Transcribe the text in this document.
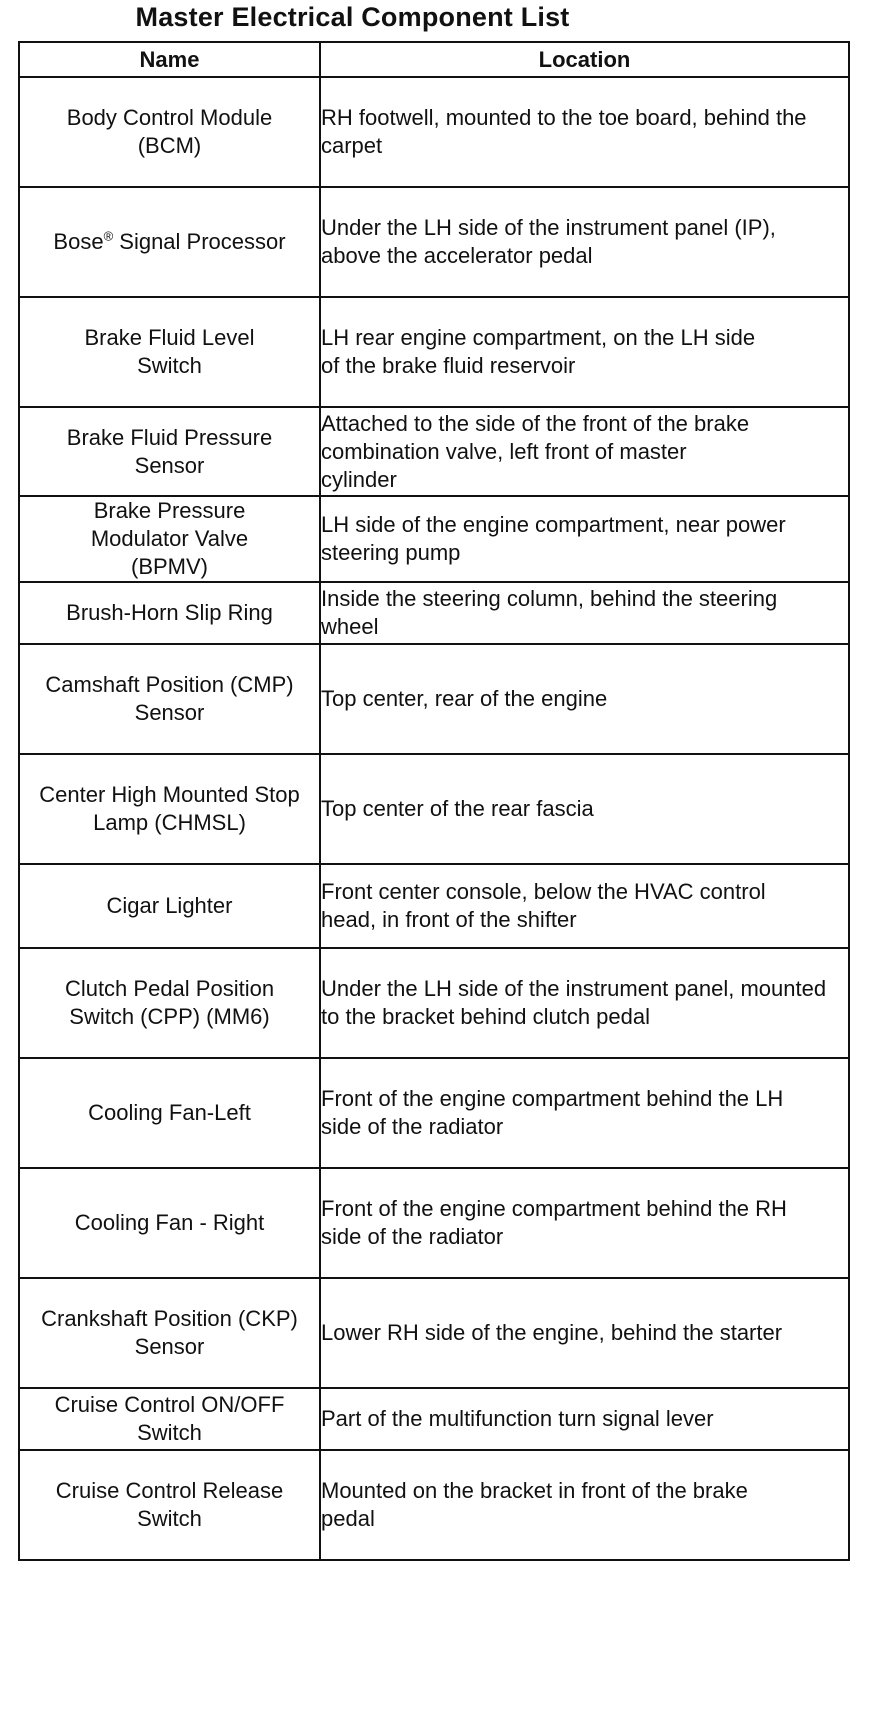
Master Electrical Component List
Name	Location
Body Control Module (BCM)	RH footwell, mounted to the toe board, behind the carpet
Bose® Signal Processor	Under the LH side of the instrument panel (IP), above the accelerator pedal
Brake Fluid Level Switch	LH rear engine compartment, on the LH side of the brake fluid reservoir
Brake Fluid Pressure Sensor	Attached to the side of the front of the brake combination valve, left front of master cylinder
Brake Pressure Modulator Valve (BPMV)	LH side of the engine compartment, near power steering pump
Brush-Horn Slip Ring	Inside the steering column, behind the steering wheel
Camshaft Position (CMP) Sensor	Top center, rear of the engine
Center High Mounted Stop Lamp (CHMSL)	Top center of the rear fascia
Cigar Lighter	Front center console, below the HVAC control head, in front of the shifter
Clutch Pedal Position Switch (CPP) (MM6)	Under the LH side of the instrument panel, mounted to the bracket behind clutch pedal
Cooling Fan-Left	Front of the engine compartment behind the LH side of the radiator
Cooling Fan - Right	Front of the engine compartment behind the RH side of the radiator
Crankshaft Position (CKP) Sensor	Lower RH side of the engine, behind the starter
Cruise Control ON/OFF Switch	Part of the multifunction turn signal lever
Cruise Control Release Switch	Mounted on the bracket in front of the brake pedal
